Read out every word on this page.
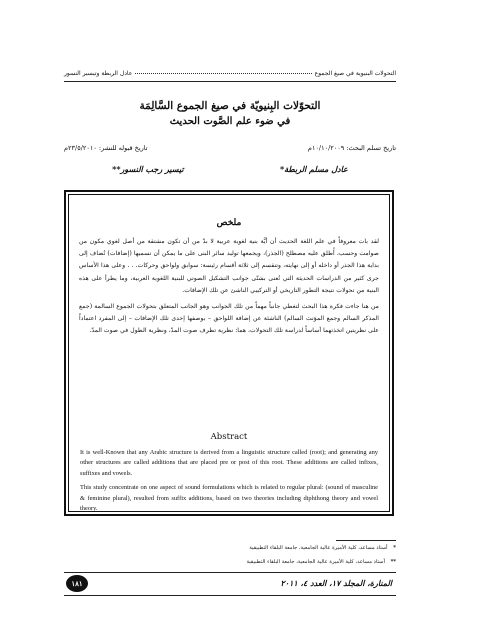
التحولات البنيوية في صيغ الجموع
عادل الربطة وتيسير النسور
التحوّلات البِنيويّة في صيغ الجموع السَّالِمَة
في ضوء علم الصَّوت الحديث
تاريخ تسلم البحث: ١٠/١٠/٢٠٠٩م
تاريخ قبوله للنشر: ٢٣/٥/٢٠١٠م
عادل مسلم الربطة*
تيسير رجب النسور**
ملخص

لقد بات معروفاً في علم اللغة الحديث أن أيَّة بنية لغوية عربية لا بدّ من أن تكون مشتقة من أصل لغوي مكون من صوامت وحسب، أُطلق عليه مصطلح (الجذر)، ويجمعها توليد سائر البنى على ما يمكن أن نسميها (إضافات) تُضاف إلى بداية هذا الجذر أو داخله أو إلى نهايته، وتنقسم إلى ثلاثة أقسام رئيسة: سوابق ولواحق وحركات. . . وعلى هذا الأساس جرى كثير من الدراسات الحديثة التي تُعنى بشتّى جوانب التشكيل الصوتي للبنية اللغوية العربية، وما يطرأ على هذه البنية من تحولات نتيجة التطور التاريخي أو التركيبي الناشئ عن تلك الإضافات.

من هنا جاءت فكرة هذا البحث لتغطي جانباً مهماً من تلك الجوانب وهو الجانب المتعلق بتحولات الجموع السالمة (جمع المذكر السالم وجمع المؤنث السالم) الناشئة عن إضافة اللواحق – بوصفها إحدى تلك الإضافات – إلى المفرد اعتماداً على نظريتين اتخذتهما أساساً لدراسة تلك التحولات، هما: نظرية تطرف صوت المدّ، ونظرية الطول في صوت المدّ.

Abstract

It is well-Known that any Arabic structure is derived from a linguistic structure called (root); and generating any other structures are called additions that are placed pre or post of this root. These additions are called infixes, suffixes and vowels.

This study concentrate on one aspect of sound formulations which is related to regular plural: (sound of masculine & feminine plural), resulted from suffix additions, based on two theories including diphthong theory and vowel theory.

* أستاذ مساعد، كلية الأميرة عالية الجامعية، جامعة البلقاء التطبيقية
** أستاذ مساعد، كلية الأميرة عالية الجامعية، جامعة البلقاء التطبيقية
المنارة، المجلد ١٧، العدد ٤، ٢٠١١
١٨١
